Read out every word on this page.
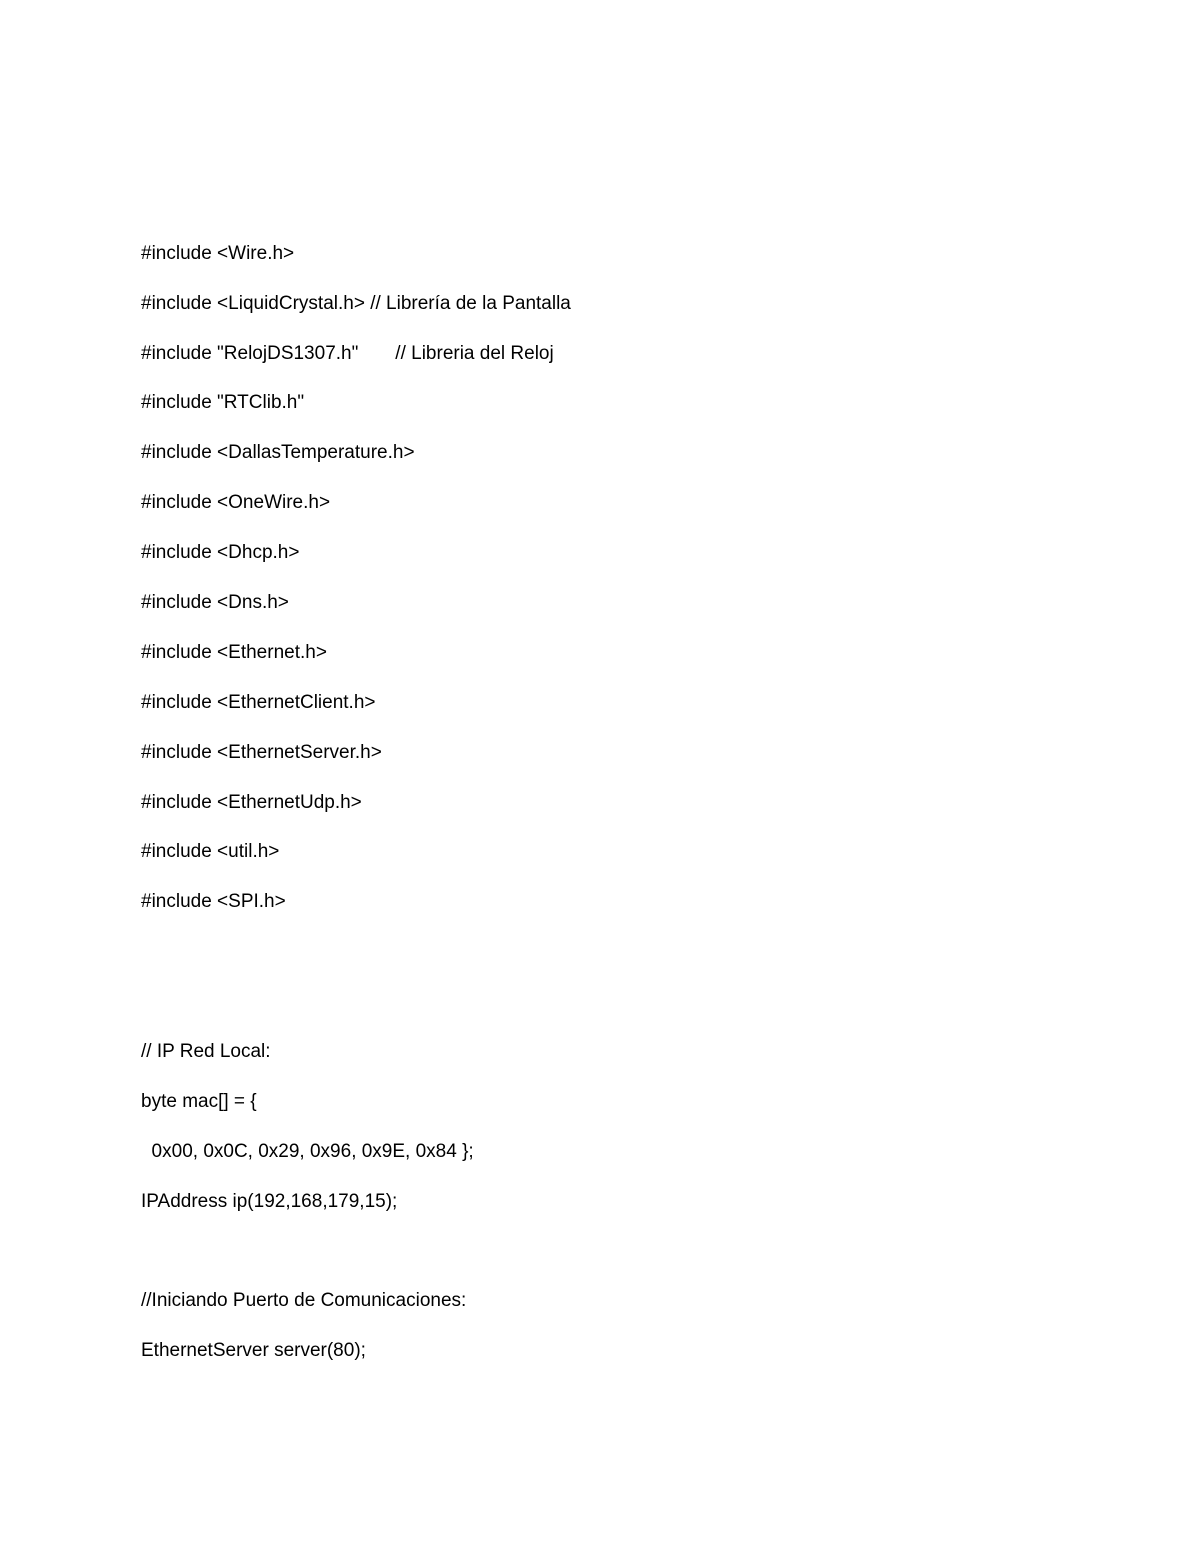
#include <Wire.h>

#include <LiquidCrystal.h> // Librería de la Pantalla

#include "RelojDS1307.h"       // Libreria del Reloj

#include "RTClib.h"

#include <DallasTemperature.h>

#include <OneWire.h>

#include <Dhcp.h>

#include <Dns.h>

#include <Ethernet.h>

#include <EthernetClient.h>

#include <EthernetServer.h>

#include <EthernetUdp.h>

#include <util.h>

#include <SPI.h>

// IP Red Local:

byte mac[] = {

0x00, 0x0C, 0x29, 0x96, 0x9E, 0x84 };

IPAddress ip(192,168,179,15);

//Iniciando Puerto de Comunicaciones:

EthernetServer server(80);
